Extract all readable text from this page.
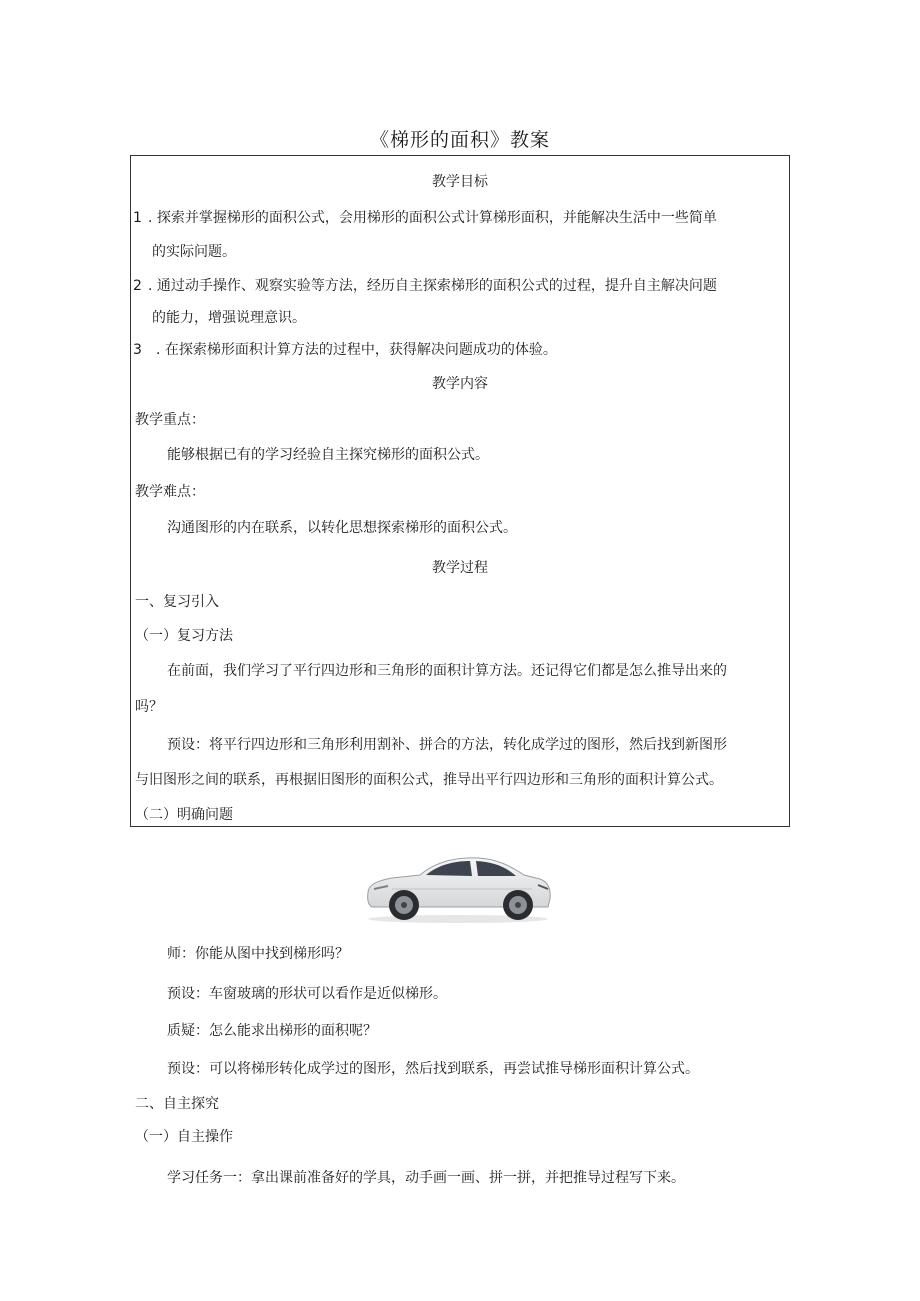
《梯形的面积》教案
教学目标
1 . 探索并掌握梯形的面积公式，会用梯形的面积公式计算梯形面积，并能解决生活中一些简单
的实际问题。
2 . 通过动手操作、观察实验等方法，经历自主探索梯形的面积公式的过程，提升自主解决问题
的能力，增强说理意识。
3 . 在探索梯形面积计算方法的过程中，获得解决问题成功的体验。
教学内容
教学重点：
能够根据已有的学习经验自主探究梯形的面积公式。
教学难点：
沟通图形的内在联系，以转化思想探索梯形的面积公式。
教学过程
一、复习引入
（一）复习方法
在前面，我们学习了平行四边形和三角形的面积计算方法。还记得它们都是怎么推导出来的
吗？
预设：将平行四边形和三角形利用割补、拼合的方法，转化成学过的图形，然后找到新图形
与旧图形之间的联系，再根据旧图形的面积公式，推导出平行四边形和三角形的面积计算公式。
（二）明确问题
师：你能从图中找到梯形吗？
预设：车窗玻璃的形状可以看作是近似梯形。
质疑：怎么能求出梯形的面积呢？
预设：可以将梯形转化成学过的图形，然后找到联系，再尝试推导梯形面积计算公式。
二、自主探究
（一）自主操作
学习任务一：拿出课前准备好的学具，动手画一画、拼一拼，并把推导过程写下来。
